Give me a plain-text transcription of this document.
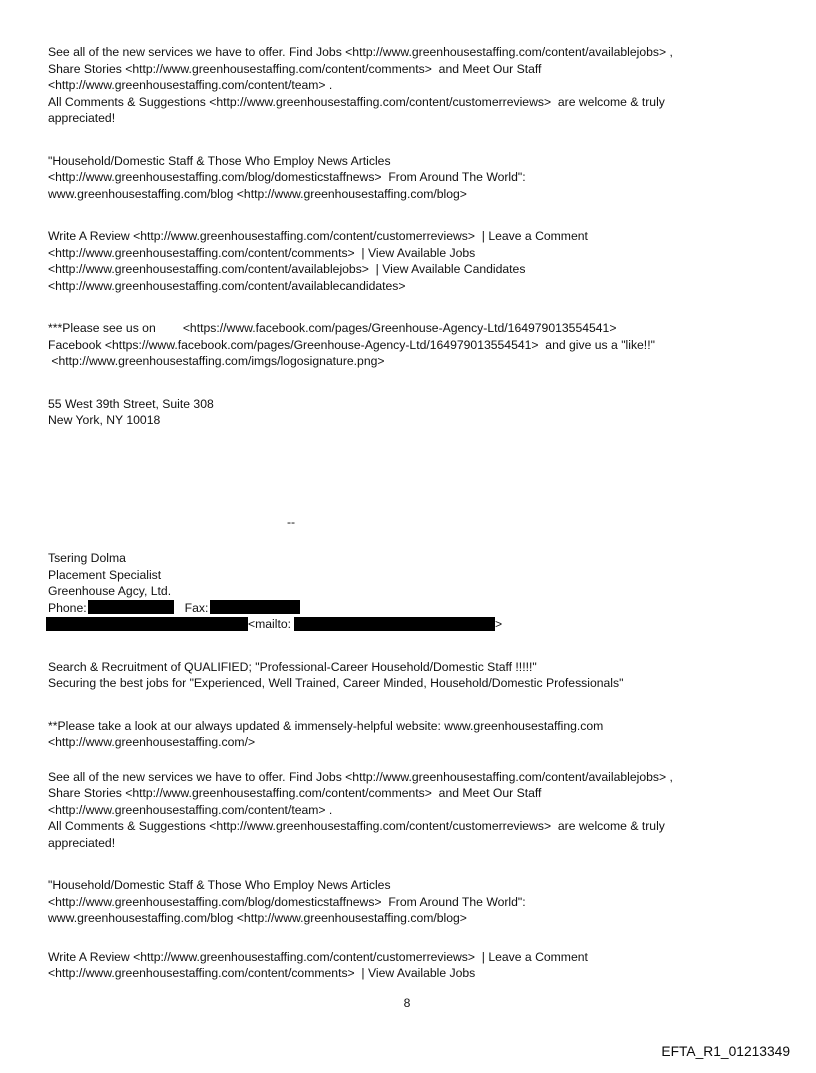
See all of the new services we have to offer. Find Jobs <http://www.greenhousestaffing.com/content/availablejobs> ,
Share Stories <http://www.greenhousestaffing.com/content/comments>  and Meet Our Staff
<http://www.greenhousestaffing.com/content/team> .
All Comments & Suggestions <http://www.greenhousestaffing.com/content/customerreviews>  are welcome & truly
appreciated!
"Household/Domestic Staff & Those Who Employ News Articles
<http://www.greenhousestaffing.com/blog/domesticstaffnews>  From Around The World":
www.greenhousestaffing.com/blog <http://www.greenhousestaffing.com/blog>
Write A Review <http://www.greenhousestaffing.com/content/customerreviews>  | Leave a Comment
<http://www.greenhousestaffing.com/content/comments>  | View Available Jobs
<http://www.greenhousestaffing.com/content/availablejobs>  | View Available Candidates
<http://www.greenhousestaffing.com/content/availablecandidates>
***Please see us on        <https://www.facebook.com/pages/Greenhouse-Agency-Ltd/164979013554541>
Facebook <https://www.facebook.com/pages/Greenhouse-Agency-Ltd/164979013554541>  and give us a "like!!"
<http://www.greenhousestaffing.com/imgs/logosignature.png>
55 West 39th Street, Suite 308
New York, NY 10018
--
Tsering Dolma
Placement Specialist
Greenhouse Agcy, Ltd.
Phone:	Fax:
<mailto:	>
Search & Recruitment of QUALIFIED; "Professional-Career Household/Domestic Staff !!!!!"
Securing the best jobs for "Experienced, Well Trained, Career Minded, Household/Domestic Professionals"
**Please take a look at our always updated & immensely-helpful website: www.greenhousestaffing.com
<http://www.greenhousestaffing.com/>
See all of the new services we have to offer. Find Jobs <http://www.greenhousestaffing.com/content/availablejobs> ,
Share Stories <http://www.greenhousestaffing.com/content/comments>  and Meet Our Staff
<http://www.greenhousestaffing.com/content/team> .
All Comments & Suggestions <http://www.greenhousestaffing.com/content/customerreviews>  are welcome & truly
appreciated!
"Household/Domestic Staff & Those Who Employ News Articles
<http://www.greenhousestaffing.com/blog/domesticstaffnews>  From Around The World":
www.greenhousestaffing.com/blog <http://www.greenhousestaffing.com/blog>
Write A Review <http://www.greenhousestaffing.com/content/customerreviews>  | Leave a Comment
<http://www.greenhousestaffing.com/content/comments>  | View Available Jobs
8
EFTA_R1_01213349
